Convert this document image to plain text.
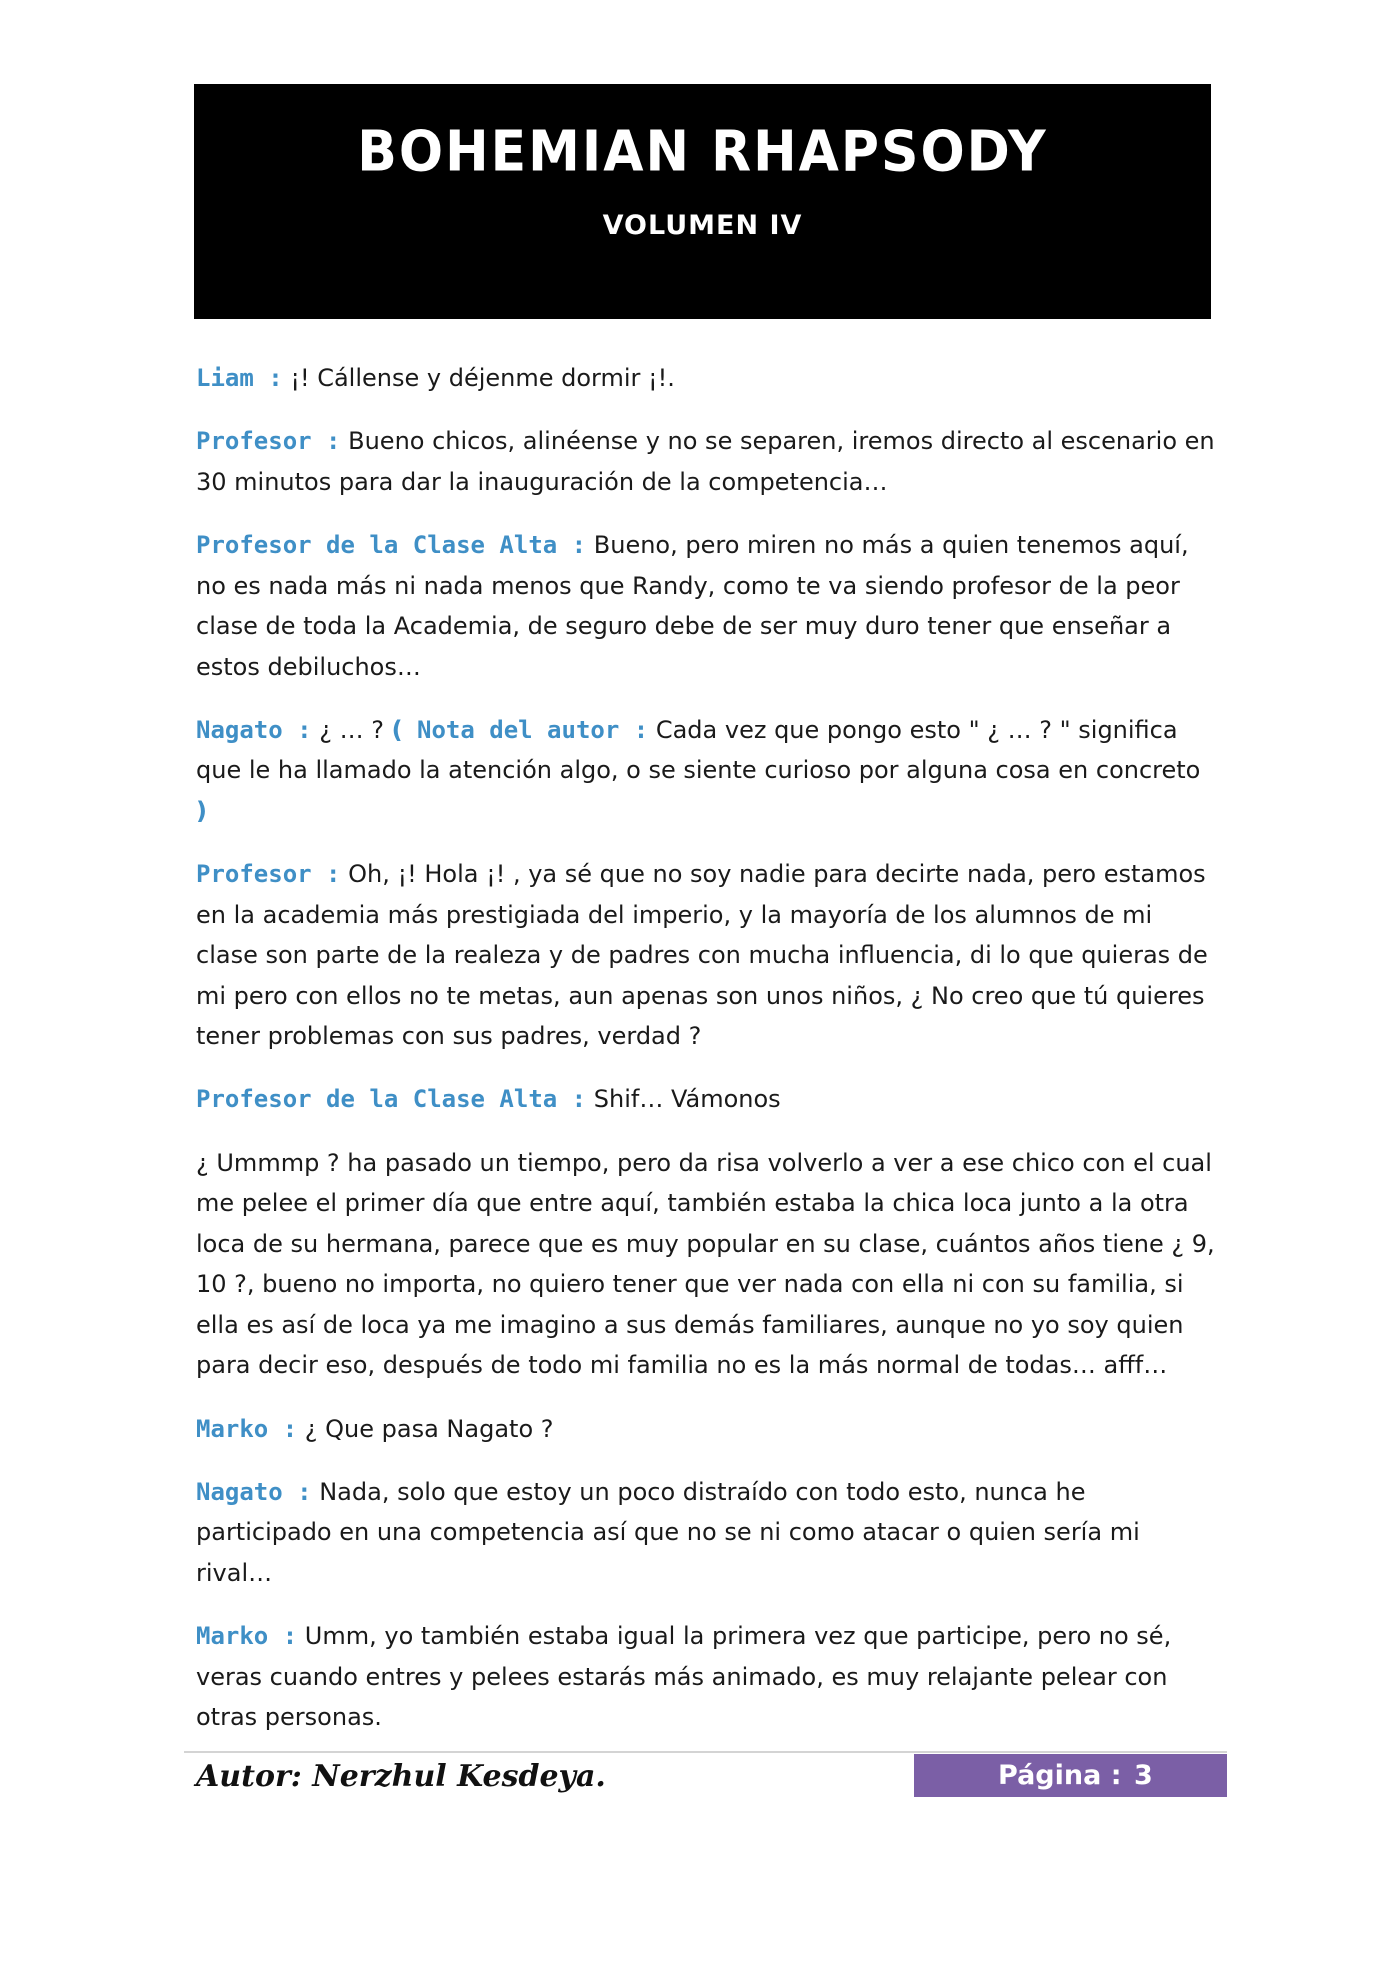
BOHEMIAN RHAPSODY
VOLUMEN IV

Liam : ¡! Cállense y déjenme dormir ¡!.

Profesor : Bueno chicos, alinéense y no se separen, iremos directo al escenario en 30 minutos para dar la inauguración de la competencia…

Profesor de la Clase Alta : Bueno, pero miren no más a quien tenemos aquí, no es nada más ni nada menos que Randy, como te va siendo profesor de la peor clase de toda la Academia, de seguro debe de ser muy duro tener que enseñar a estos debiluchos…

Nagato : ¿ … ? ( Nota del autor : Cada vez que pongo esto " ¿ … ? " significa que le ha llamado la atención algo, o se siente curioso por alguna cosa en concreto )

Profesor : Oh, ¡! Hola ¡! , ya sé que no soy nadie para decirte nada, pero estamos en la academia más prestigiada del imperio, y la mayoría de los alumnos de mi clase son parte de la realeza y de padres con mucha influencia, di lo que quieras de mi pero con ellos no te metas, aun apenas son unos niños, ¿ No creo que tú quieres tener problemas con sus padres, verdad ?

Profesor de la Clase Alta : Shif… Vámonos

¿ Ummmp ? ha pasado un tiempo, pero da risa volverlo a ver a ese chico con el cual me pelee el primer día que entre aquí, también estaba la chica loca junto a la otra loca de su hermana, parece que es muy popular en su clase, cuántos años tiene ¿ 9, 10 ?, bueno no importa, no quiero tener que ver nada con ella ni con su familia, si ella es así de loca ya me imagino a sus demás familiares, aunque no yo soy quien para decir eso, después de todo mi familia no es la más normal de todas… afff…

Marko : ¿ Que pasa Nagato ?

Nagato : Nada, solo que estoy un poco distraído con todo esto, nunca he participado en una competencia así que no se ni como atacar o quien sería mi rival…

Marko : Umm, yo también estaba igual la primera vez que participe, pero no sé, veras cuando entres y pelees estarás más animado, es muy relajante pelear con otras personas.

Autor: Nerzhul Kesdeya.	Página : 3
